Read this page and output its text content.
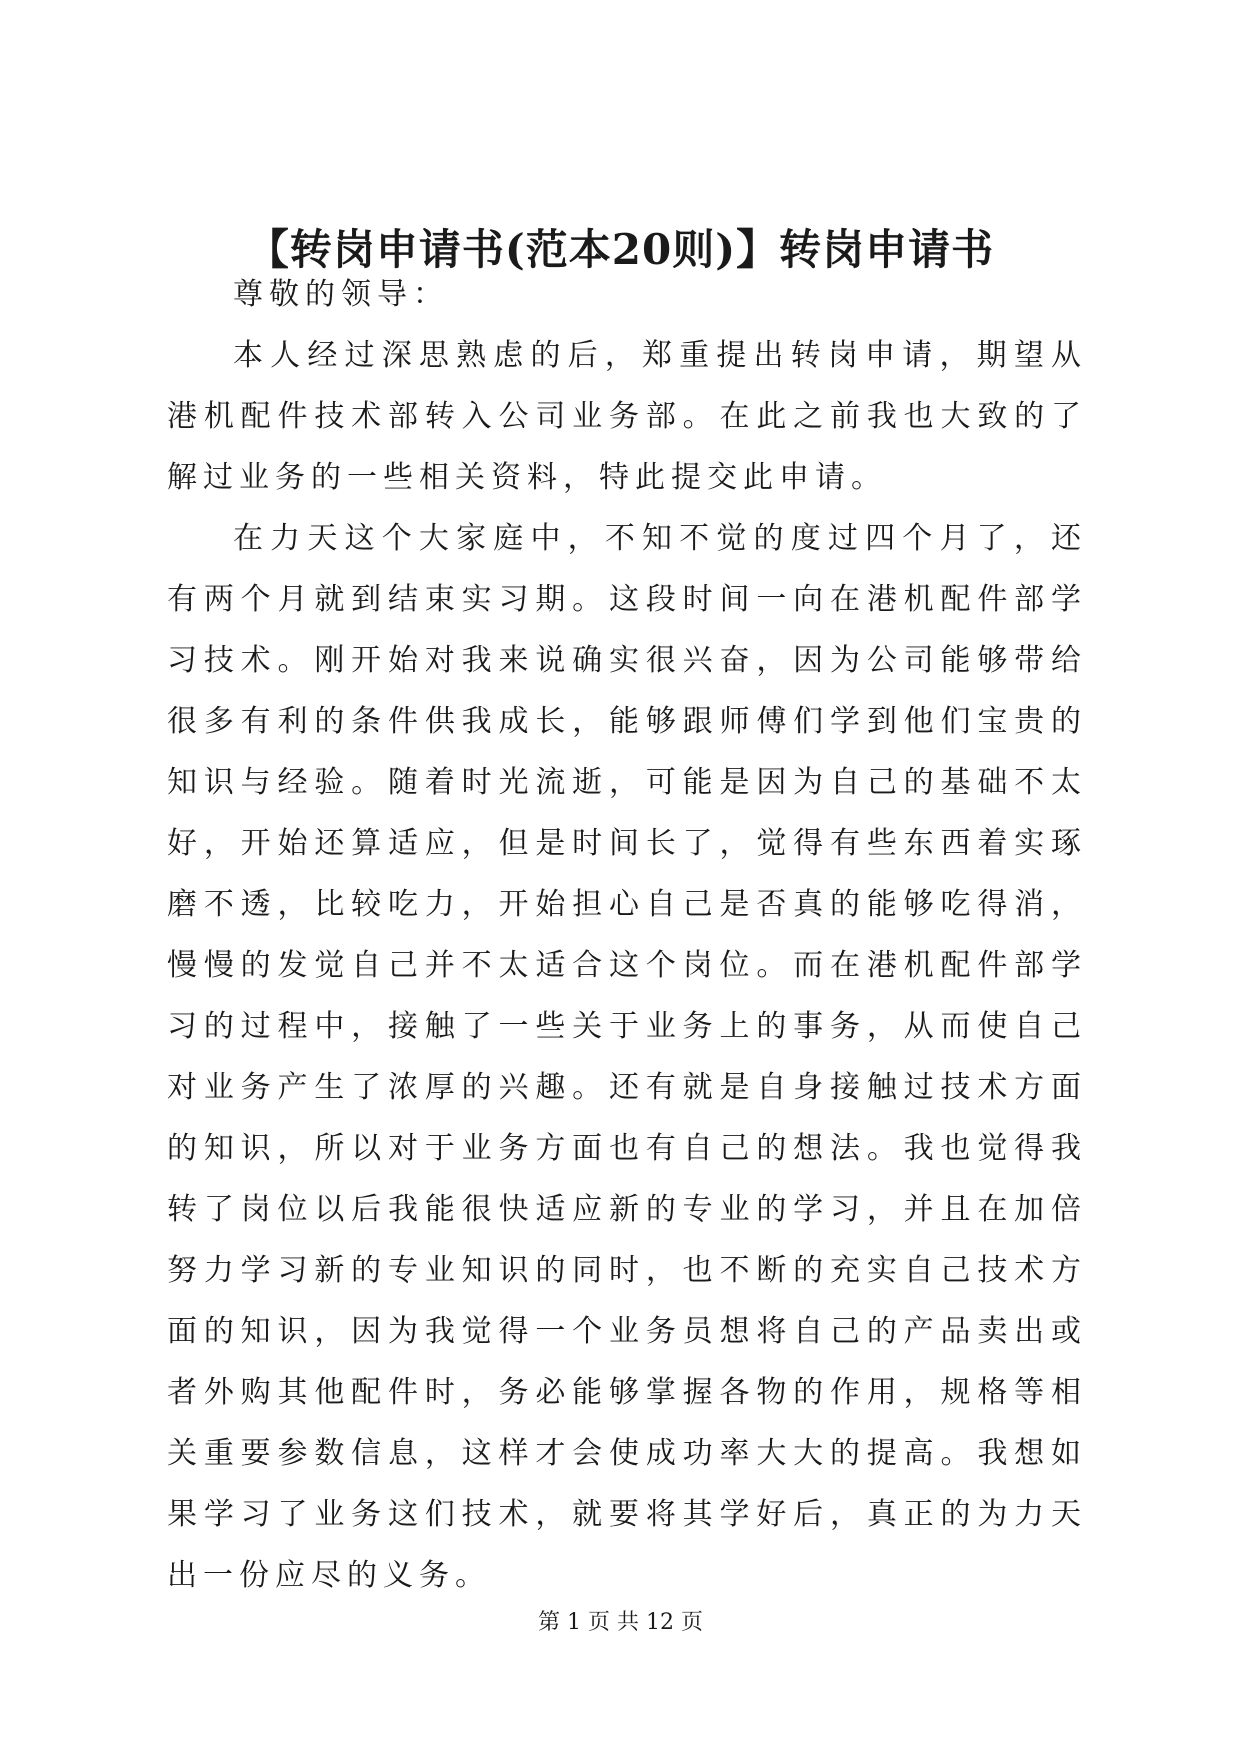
【转岗申请书(范本20则)】转岗申请书

尊敬的领导：

本人经过深思熟虑的后，郑重提出转岗申请，期望从港机配件技术部转入公司业务部。在此之前我也大致的了解过业务的一些相关资料，特此提交此申请。

在力天这个大家庭中，不知不觉的度过四个月了，还有两个月就到结束实习期。这段时间一向在港机配件部学习技术。刚开始对我来说确实很兴奋，因为公司能够带给很多有利的条件供我成长，能够跟师傅们学到他们宝贵的知识与经验。随着时光流逝，可能是因为自己的基础不太好，开始还算适应，但是时间长了，觉得有些东西着实琢磨不透，比较吃力，开始担心自己是否真的能够吃得消，慢慢的发觉自己并不太适合这个岗位。而在港机配件部学习的过程中，接触了一些关于业务上的事务，从而使自己对业务产生了浓厚的兴趣。还有就是自身接触过技术方面的知识，所以对于业务方面也有自己的想法。我也觉得我转了岗位以后我能很快适应新的专业的学习，并且在加倍努力学习新的专业知识的同时，也不断的充实自己技术方面的知识，因为我觉得一个业务员想将自己的产品卖出或者外购其他配件时，务必能够掌握各物的作用，规格等相关重要参数信息，这样才会使成功率大大的提高。我想如果学习了业务这们技术，就要将其学好后，真正的为力天出一份应尽的义务。

第 1 页 共 12 页
